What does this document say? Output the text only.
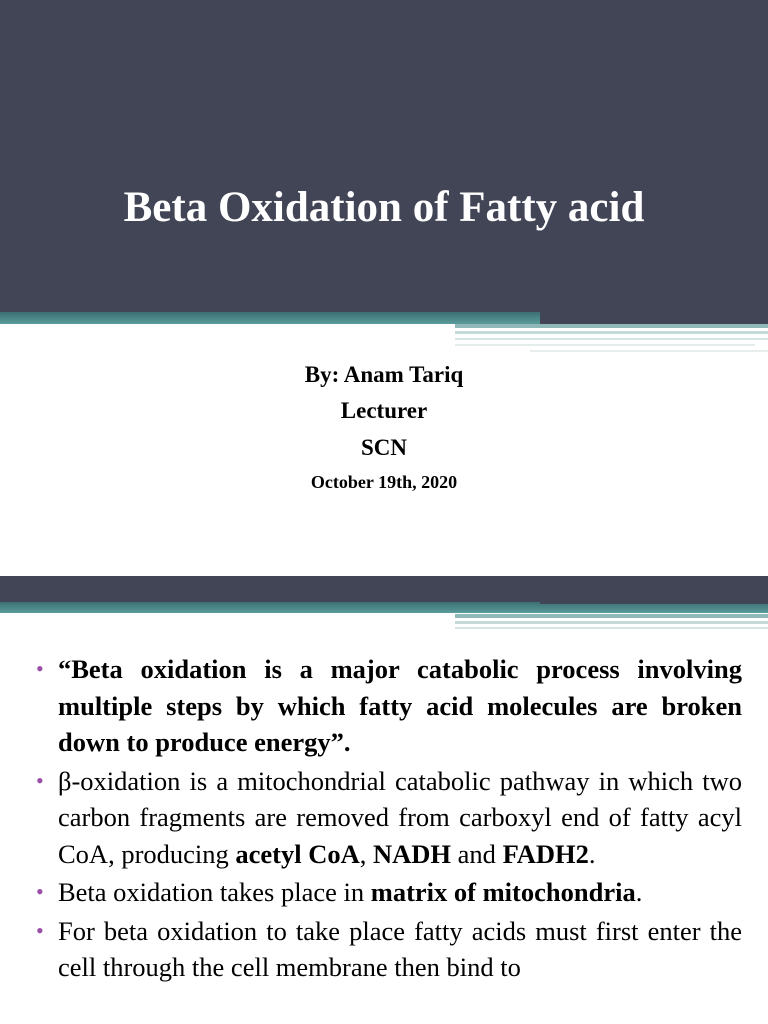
Beta Oxidation of Fatty acid
By: Anam Tariq
Lecturer
SCN
October 19th, 2020
• “Beta oxidation is a major catabolic process involving multiple steps by which fatty acid molecules are broken down to produce energy”.
• β-oxidation is a mitochondrial catabolic pathway in which two carbon fragments are removed from carboxyl end of fatty acyl CoA, producing acetyl CoA, NADH and FADH2.
• Beta oxidation takes place in matrix of mitochondria.
• For beta oxidation to take place fatty acids must first enter the cell through the cell membrane then bind to
